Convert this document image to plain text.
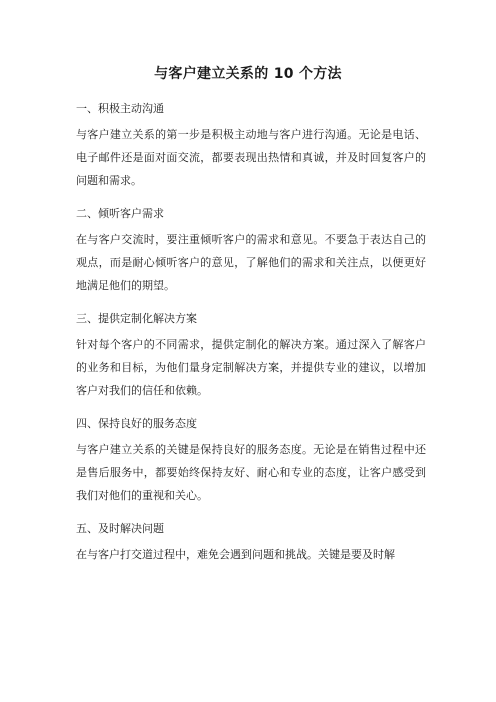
与客户建立关系的 10 个方法
一、积极主动沟通

与客户建立关系的第一步是积极主动地与客户进行沟通。无论是电话、电子邮件还是面对面交流，都要表现出热情和真诚，并及时回复客户的问题和需求。

二、倾听客户需求

在与客户交流时，要注重倾听客户的需求和意见。不要急于表达自己的观点，而是耐心倾听客户的意见，了解他们的需求和关注点，以便更好地满足他们的期望。

三、提供定制化解决方案

针对每个客户的不同需求，提供定制化的解决方案。通过深入了解客户的业务和目标，为他们量身定制解决方案，并提供专业的建议，以增加客户对我们的信任和依赖。

四、保持良好的服务态度

与客户建立关系的关键是保持良好的服务态度。无论是在销售过程中还是售后服务中，都要始终保持友好、耐心和专业的态度，让客户感受到我们对他们的重视和关心。

五、及时解决问题

在与客户打交道过程中，难免会遇到问题和挑战。关键是要及时解
